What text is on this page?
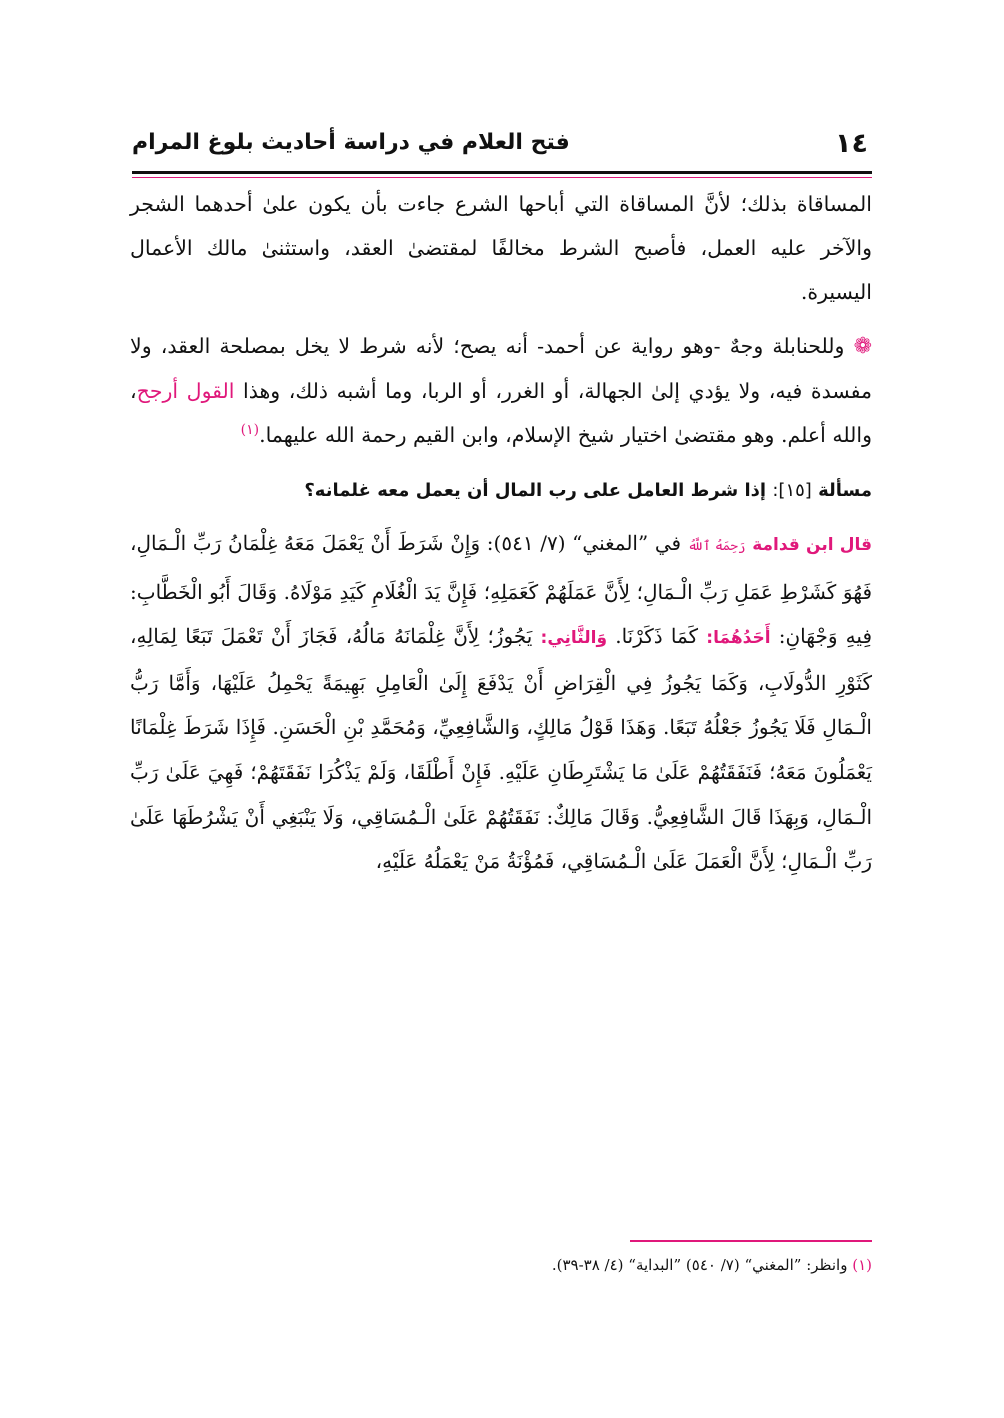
١٤
فتح العلام في دراسة أحاديث بلوغ المرام

المساقاة بذلك؛ لأنَّ المساقاة التي أباحها الشرع جاءت بأن يكون علىٰ أحدهما الشجر والآخر عليه العمل، فأصبح الشرط مخالفًا لمقتضىٰ العقد، واستثنىٰ مالك الأعمال اليسيرة.

❁ وللحنابلة وجهٌ -وهو رواية عن أحمد- أنه يصح؛ لأنه شرط لا يخل بمصلحة العقد، ولا مفسدة فيه، ولا يؤدي إلىٰ الجهالة، أو الغرر، أو الربا، وما أشبه ذلك، وهذا القول أرجح، والله أعلم. وهو مقتضىٰ اختيار شيخ الإسلام، وابن القيم رحمة الله عليهما.$^{(١)}$

مسألة [١٥]: إذا شرط العامل على رب المال أن يعمل معه غلمانه؟

قال ابن قدامة رَحِمَهُ ٱللَّهُ في ”المغني“ (٧/ ٥٤١): وَإِنْ شَرَطَ أَنْ يَعْمَلَ مَعَهُ غِلْمَانُ رَبِّ الْـمَالِ، فَهُوَ كَشَرْطِ عَمَلِ رَبِّ الْـمَالِ؛ لِأَنَّ عَمَلَهُمْ كَعَمَلِهِ؛ فَإِنَّ يَدَ الْغُلَامِ كَيَدِ مَوْلَاهُ. وَقَالَ أَبُو الْخَطَّابِ: فِيهِ وَجْهَانِ: أَحَدُهُمَا: كَمَا ذَكَرْنَا. وَالثَّانِي: يَجُوزُ؛ لِأَنَّ غِلْمَانَهُ مَالُهُ، فَجَازَ أَنْ تَعْمَلَ تَبَعًا لِمَالِهِ، كَثَوْرِ الدُّولَابِ، وَكَمَا يَجُوزُ فِي الْقِرَاضِ أَنْ يَدْفَعَ إِلَىٰ الْعَامِلِ بَهِيمَةً يَحْمِلُ عَلَيْهَا، وَأَمَّا رَبُّ الْـمَالِ فَلَا يَجُوزُ جَعْلُهُ تَبَعًا. وَهَذَا قَوْلُ مَالِكٍ، وَالشَّافِعِيِّ، وَمُحَمَّدِ بْنِ الْحَسَنِ. فَإِذَا شَرَطَ غِلْمَانًا يَعْمَلُونَ مَعَهُ؛ فَنَفَقَتُهُمْ عَلَىٰ مَا يَشْتَرِطَانِ عَلَيْهِ. فَإِنْ أَطْلَقَا، وَلَمْ يَذْكُرَا نَفَقَتَهُمْ؛ فَهِيَ عَلَىٰ رَبِّ الْـمَالِ، وَبِهَذَا قَالَ الشَّافِعِيُّ. وَقَالَ مَالِكٌ: نَفَقَتُهُمْ عَلَىٰ الْـمُسَاقِي، وَلَا يَنْبَغِي أَنْ يَشْرُطَهَا عَلَىٰ رَبِّ الْـمَالِ؛ لِأَنَّ الْعَمَلَ عَلَىٰ الْـمُسَاقِي، فَمُؤْنَةُ مَنْ يَعْمَلُهُ عَلَيْهِ،

(١) وانظر: ”المغني“ (٧/ ٥٤٠) ”البداية“ (٤/ ٣٨-٣٩).
